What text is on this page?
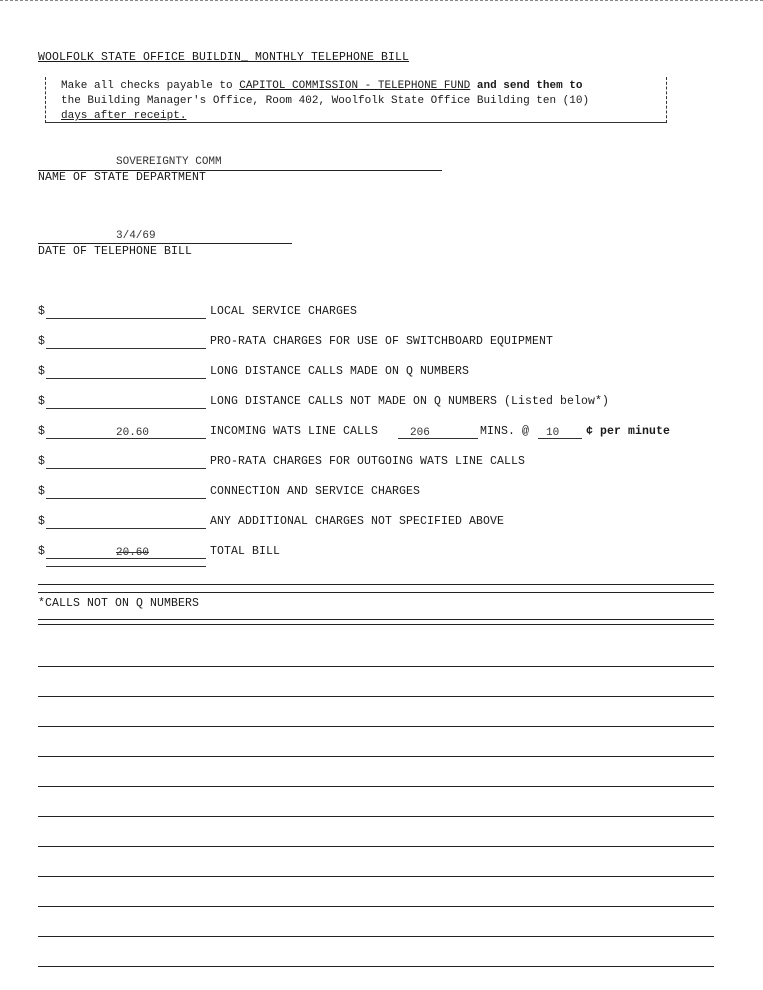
WOOLFOLK STATE OFFICE BUILDIN_ MONTHLY TELEPHONE BILL
Make all checks payable to CAPITOL COMMISSION - TELEPHONE FUND and send them to
the Building Manager's Office, Room 402, Woolfolk State Office Building ten (10)
days after receipt.
SOVEREIGNTY COMM
NAME OF STATE DEPARTMENT
3/4/69
DATE OF TELEPHONE BILL
$	LOCAL SERVICE CHARGES
$	PRO-RATA CHARGES FOR USE OF SWITCHBOARD EQUIPMENT
$	LONG DISTANCE CALLS MADE ON Q NUMBERS
$	LONG DISTANCE CALLS NOT MADE ON Q NUMBERS (Listed below*)
$	20.60	INCOMING WATS LINE CALLS	206	MINS. @ 10 ¢ per minute
$	PRO-RATA CHARGES FOR OUTGOING WATS LINE CALLS
$	CONNECTION AND SERVICE CHARGES
$	ANY ADDITIONAL CHARGES NOT SPECIFIED ABOVE
$	20.60	TOTAL BILL
*CALLS NOT ON Q NUMBERS
